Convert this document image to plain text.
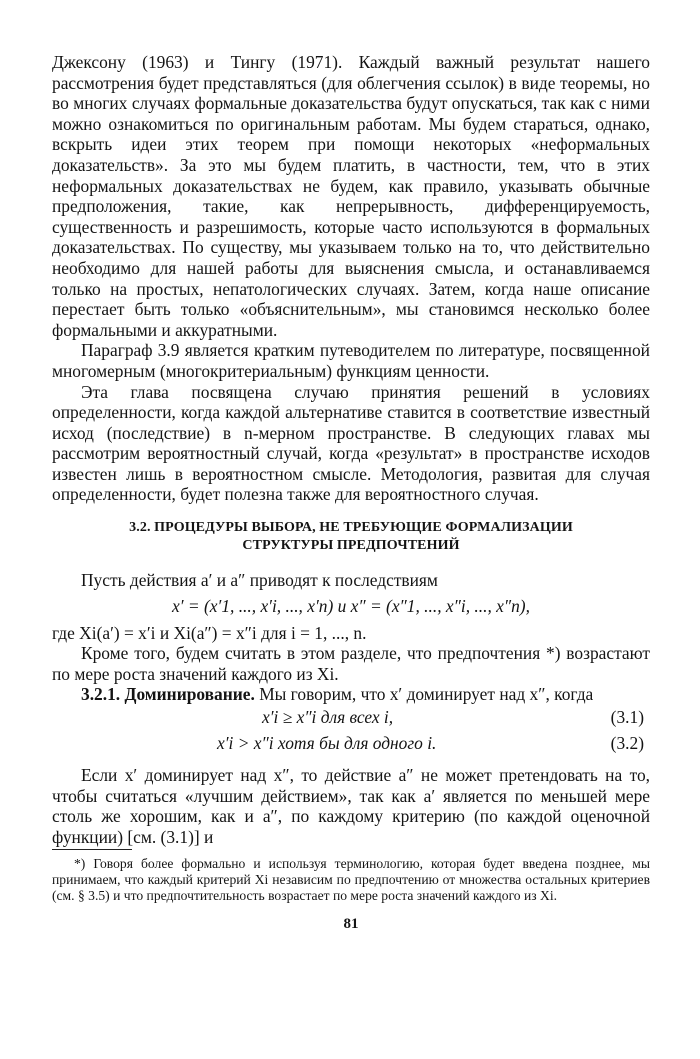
Джексону (1963) и Тингу (1971). Каждый важный результат нашего рассмотрения будет представляться (для облегчения ссылок) в виде теоремы, но во многих случаях формальные доказательства будут опускаться, так как с ними можно ознакомиться по оригинальным работам. Мы будем стараться, однако, вскрыть идеи этих теорем при помощи некоторых «неформальных доказательств». За это мы будем платить, в частности, тем, что в этих неформальных доказательствах не будем, как правило, указывать обычные предположения, такие, как непрерывность, дифференцируемость, существенность и разрешимость, которые часто используются в формальных доказательствах. По существу, мы указываем только на то, что действительно необходимо для нашей работы для выяснения смысла, и останавливаемся только на простых, непатологических случаях. Затем, когда наше описание перестает быть только «объяснительным», мы становимся несколько более формальными и аккуратными.

Параграф 3.9 является кратким путеводителем по литературе, посвященной многомерным (многокритериальным) функциям ценности.

Эта глава посвящена случаю принятия решений в условиях определенности, когда каждой альтернативе ставится в соответствие известный исход (последствие) в n-мерном пространстве. В следующих главах мы рассмотрим вероятностный случай, когда «результат» в пространстве исходов известен лишь в вероятностном смысле. Методология, развитая для случая определенности, будет полезна также для вероятностного случая.

3.2. ПРОЦЕДУРЫ ВЫБОРА, НЕ ТРЕБУЮЩИЕ ФОРМАЛИЗАЦИИ
СТРУКТУРЫ ПРЕДПОЧТЕНИЙ

Пусть действия a′ и a″ приводят к последствиям

x′ = (x′1, ..., x′i, ..., x′n) и x″ = (x″1, ..., x″i, ..., x″n),

где Xi(a′) = x′i и Xi(a″) = x″i для i = 1, ..., n.

Кроме того, будем считать в этом разделе, что предпочтения *) возрастают по мере роста значений каждого из Xi.

3.2.1. Доминирование. Мы говорим, что x′ доминирует над x″, когда

x′i ≥ x″i для всех i,	(3.1)
x′i > x″i хотя бы для одного i.	(3.2)

Если x′ доминирует над x″, то действие a″ не может претендовать на то, чтобы считаться «лучшим действием», так как a′ является по меньшей мере столь же хорошим, как и a″, по каждому критерию (по каждой оценочной функции) [см. (3.1)] и

*) Говоря более формально и используя терминологию, которая будет введена позднее, мы принимаем, что каждый критерий Xi независим по предпочтению от множества остальных критериев (см. § 3.5) и что предпочтительность возрастает по мере роста значений каждого из Xi.

81
